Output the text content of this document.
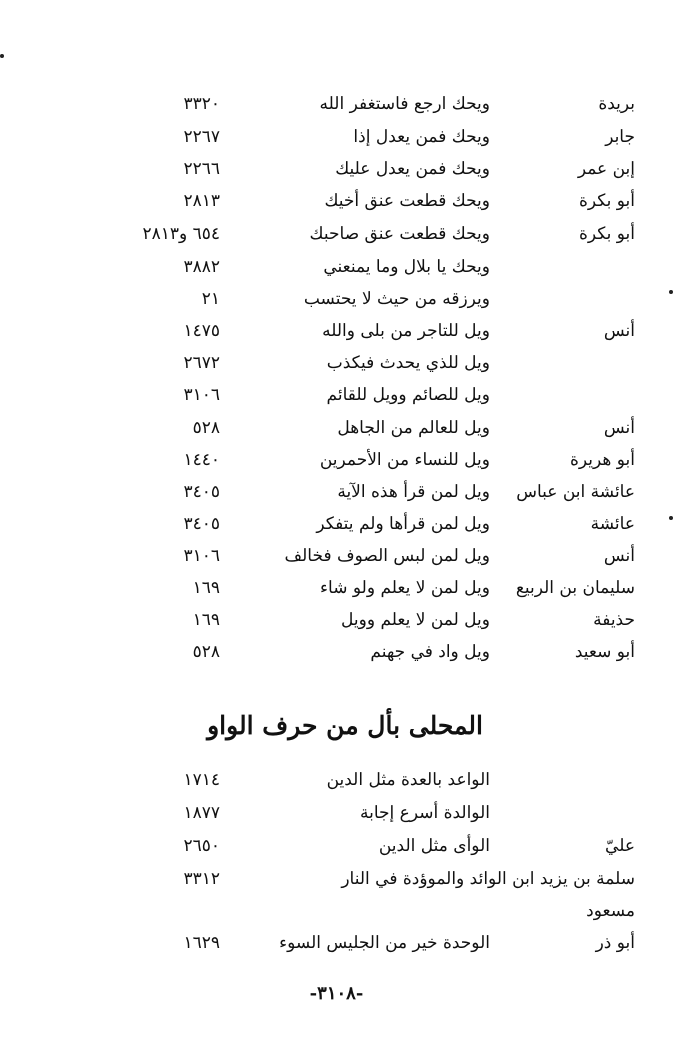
بريدة
ويحك ارجع فاستغفر الله
٣٣٢٠
جابر
ويحك فمن يعدل إذا
٢٢٦٧
إبن عمر
ويحك فمن يعدل عليك
٢٢٦٦
أبو بكرة
ويحك قطعت عنق أخيك
٢٨١٣
أبو بكرة
ويحك قطعت عنق صاحبك
٦٥٤ و٢٨١٣
ويحك يا بلال وما يمنعني
٣٨٨٢
ويرزقه من حيث لا يحتسب
٢١
أنس
ويل للتاجر من بلى والله
١٤٧٥
ويل للذي يحدث فيكذب
٢٦٧٢
ويل للصائم وويل للقائم
٣١٠٦
أنس
ويل للعالم من الجاهل
٥٢٨
أبو هريرة
ويل للنساء من الأحمرين
١٤٤٠
عائشة ابن عباس
ويل لمن قرأ هذه الآية
٣٤٠٥
عائشة
ويل لمن قرأها ولم يتفكر
٣٤٠٥
أنس
ويل لمن لبس الصوف فخالف
٣١٠٦
سليمان بن الربيع
ويل لمن لا يعلم ولو شاء
١٦٩
حذيفة
ويل لمن لا يعلم وويل
١٦٩
أبو سعيد
ويل واد في جهنم
٥٢٨
المحلى بأل من حرف الواو
الواعد بالعدة مثل الدين
١٧١٤
الوالدة أسرع إجابة
١٨٧٧
عليّ
الوأى مثل الدين
٢٦٥٠
سلمة بن يزيد ابن الوائد والموؤدة في النار
٣٣١٢
مسعود
أبو ذر
الوحدة خير من الجليس السوء
١٦٢٩
-٣١٠٨-
